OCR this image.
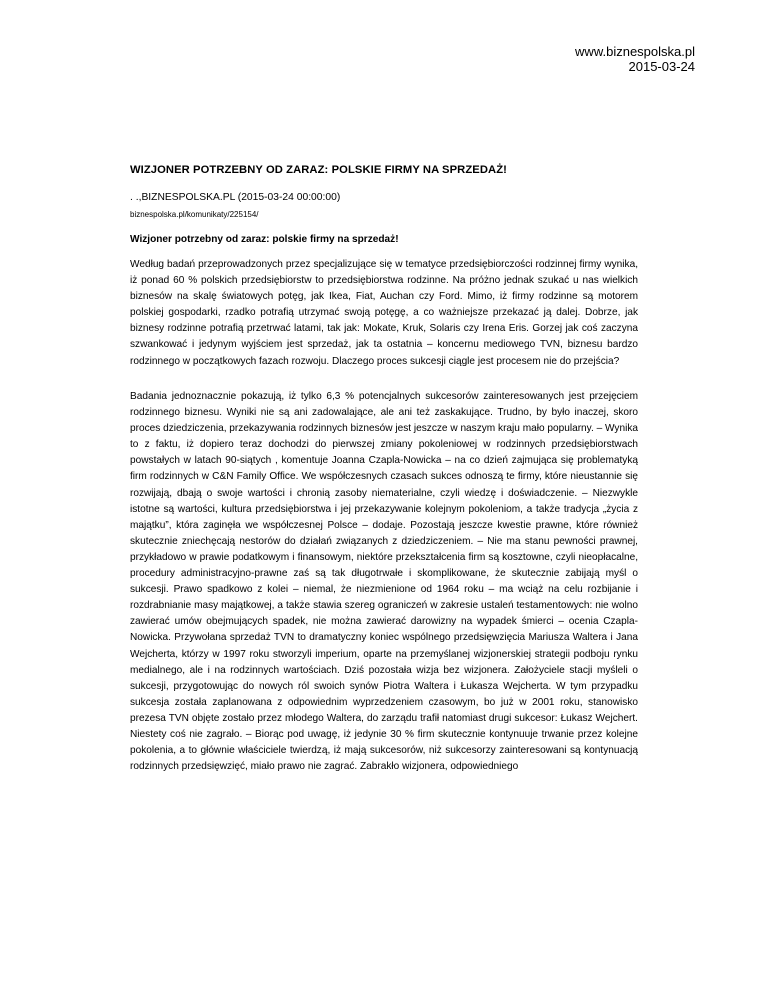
www.biznespolska.pl
2015-03-24
WIZJONER POTRZEBNY OD ZARAZ: POLSKIE FIRMY NA SPRZEDAŻ!
. .,BIZNESPOLSKA.PL (2015-03-24 00:00:00)
biznespolska.pl/komunikaty/225154/
Wizjoner potrzebny od zaraz: polskie firmy na sprzedaż!

Według badań przeprowadzonych przez specjalizujące się w tematyce przedsiębiorczości rodzinnej firmy wynika, iż ponad 60 % polskich przedsiębiorstw to przedsiębiorstwa rodzinne. Na próżno jednak szukać u nas wielkich biznesów na skalę światowych potęg, jak Ikea, Fiat, Auchan czy Ford. Mimo, iż firmy rodzinne są motorem polskiej gospodarki, rzadko potrafią utrzymać swoją potęgę, a co ważniejsze przekazać ją dalej. Dobrze, jak biznesy rodzinne potrafią przetrwać latami, tak jak: Mokate, Kruk, Solaris czy Irena Eris. Gorzej jak coś zaczyna szwankować i jedynym wyjściem jest sprzedaż, jak ta ostatnia – koncernu mediowego TVN, biznesu bardzo rodzinnego w początkowych fazach rozwoju. Dlaczego proces sukcesji ciągle jest procesem nie do przejścia?

Badania jednoznacznie pokazują, iż tylko 6,3 % potencjalnych sukcesorów zainteresowanych jest przejęciem rodzinnego biznesu. Wyniki nie są ani zadowalające, ale ani też zaskakujące. Trudno, by było inaczej, skoro proces dziedziczenia, przekazywania rodzinnych biznesów jest jeszcze w naszym kraju mało popularny. – Wynika to z faktu, iż dopiero teraz dochodzi do pierwszej zmiany pokoleniowej w rodzinnych przedsiębiorstwach powstałych w latach 90-siątych , komentuje Joanna Czapla-Nowicka – na co dzień zajmująca się problematyką firm rodzinnych w C&N Family Office. We współczesnych czasach sukces odnoszą te firmy, które nieustannie się rozwijają, dbają o swoje wartości i chronią zasoby niematerialne, czyli wiedzę i doświadczenie. – Niezwykle istotne są wartości, kultura przedsiębiorstwa i jej przekazywanie kolejnym pokoleniom, a także tradycja „życia z majątku”, która zaginęła we współczesnej Polsce – dodaje. Pozostają jeszcze kwestie prawne, które również skutecznie zniechęcają nestorów do działań związanych z dziedziczeniem. – Nie ma stanu pewności prawnej, przykładowo w prawie podatkowym i finansowym, niektóre przekształcenia firm są kosztowne, czyli nieopłacalne, procedury administracyjno-prawne zaś są tak długotrwałe i skomplikowane, że skutecznie zabijają myśl o sukcesji. Prawo spadkowo z kolei – niemal, że niezmienione od 1964 roku – ma wciąż na celu rozbijanie i rozdrabnianie masy majątkowej, a także stawia szereg ograniczeń w zakresie ustaleń testamentowych: nie wolno zawierać umów obejmujących spadek, nie można zawierać darowizny na wypadek śmierci – ocenia Czapla-Nowicka. Przywołana sprzedaż TVN to dramatyczny koniec wspólnego przedsięwzięcia Mariusza Waltera i Jana Wejcherta, którzy w 1997 roku stworzyli imperium, oparte na przemyślanej wizjonerskiej strategii podboju rynku medialnego, ale i na rodzinnych wartościach. Dziś pozostała wizja bez wizjonera. Założyciele stacji myśleli o sukcesji, przygotowując do nowych ról swoich synów Piotra Waltera i Łukasza Wejcherta. W tym przypadku sukcesja została zaplanowana z odpowiednim wyprzedzeniem czasowym, bo już w 2001 roku, stanowisko prezesa TVN objęte zostało przez młodego Waltera, do zarządu trafił natomiast drugi sukcesor: Łukasz Wejchert. Niestety coś nie zagrało. – Biorąc pod uwagę, iż jedynie 30 % firm skutecznie kontynuuje trwanie przez kolejne pokolenia, a to głównie właściciele twierdzą, iż mają sukcesorów, niż sukcesorzy zainteresowani są kontynuacją rodzinnych przedsięwzięć, miało prawo nie zagrać. Zabrakło wizjonera, odpowiedniego
